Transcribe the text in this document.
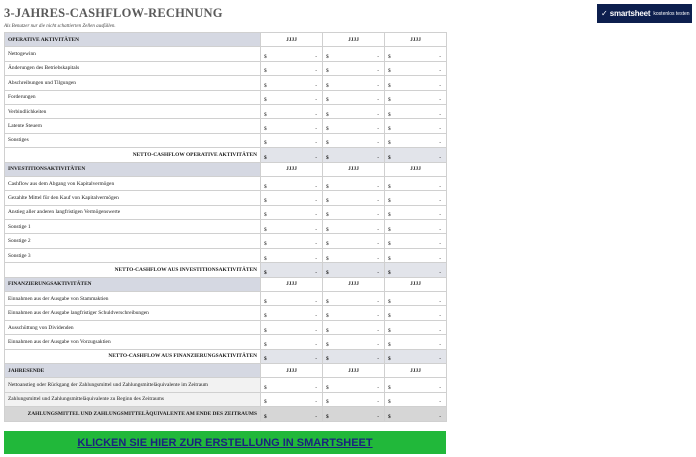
3-JAHRES-CASHFLOW-RECHNUNG
Als Benutzer nur die nicht schattierten Zellen ausfüllen.
✓ smartsheet kostenlos testen
OPERATIVE AKTIVITÄTEN	JJJJ	JJJJ	JJJJ
Nettogewinn	$ -	$ -	$ -

Änderungen des Betriebskapitals	$ -	$ -	$ -

Abschreibungen und Tilgungen	$ -	$ -	$ -

Forderungen	$ -	$ -	$ -

Verbindlichkeiten	$ -	$ -	$ -

Latente Steuern	$ -	$ -	$ -

Sonstiges	$ -	$ -	$ -

NETTO-CASHFLOW OPERATIVE AKTIVITÄTEN	$ -	$ -	$ -

INVESTITIONSAKTIVITÄTEN	JJJJ	JJJJ	JJJJ
Cashflow aus dem Abgang von Kapitalvermögen	$ -	$ -	$ -

Gezahlte Mittel für den Kauf von Kapitalvermögen	$ -	$ -	$ -

Anstieg aller anderen langfristigen Vermögenswerte	$ -	$ -	$ -

Sonstige 1	$ -	$ -	$ -

Sonstige 2	$ -	$ -	$ -

Sonstige 3	$ -	$ -	$ -

NETTO-CASHFLOW AUS INVESTITIONSAKTIVITÄTEN	$ -	$ -	$ -

FINANZIERUNGSAKTIVITÄTEN	JJJJ	JJJJ	JJJJ
Einnahmen aus der Ausgabe von Stammaktien	$ -	$ -	$ -

Einnahmen aus der Ausgabe langfristiger Schuldverschreibungen	$ -	$ -	$ -

Ausschüttung von Dividenden	$ -	$ -	$ -

Einnahmen aus der Ausgabe von Vorzugsaktien	$ -	$ -	$ -

NETTO-CASHFLOW AUS FINANZIERUNGSAKTIVITÄTEN	$ -	$ -	$ -

JAHRESENDE	JJJJ	JJJJ	JJJJ
Nettoanstieg oder Rückgang der Zahlungsmittel und Zahlungsmitteläquivalente im Zeitraum	$ -	$ -	$ -

Zahlungsmittel und Zahlungsmitteläquivalente zu Beginn des Zeitraums	$ -	$ -	$ -

ZAHLUNGSMITTEL UND ZAHLUNGSMITTELÄQUIVALENTE AM ENDE DES ZEITRAUMS	$ -	$ -	$ -
KLICKEN SIE HIER ZUR ERSTELLUNG IN SMARTSHEET
